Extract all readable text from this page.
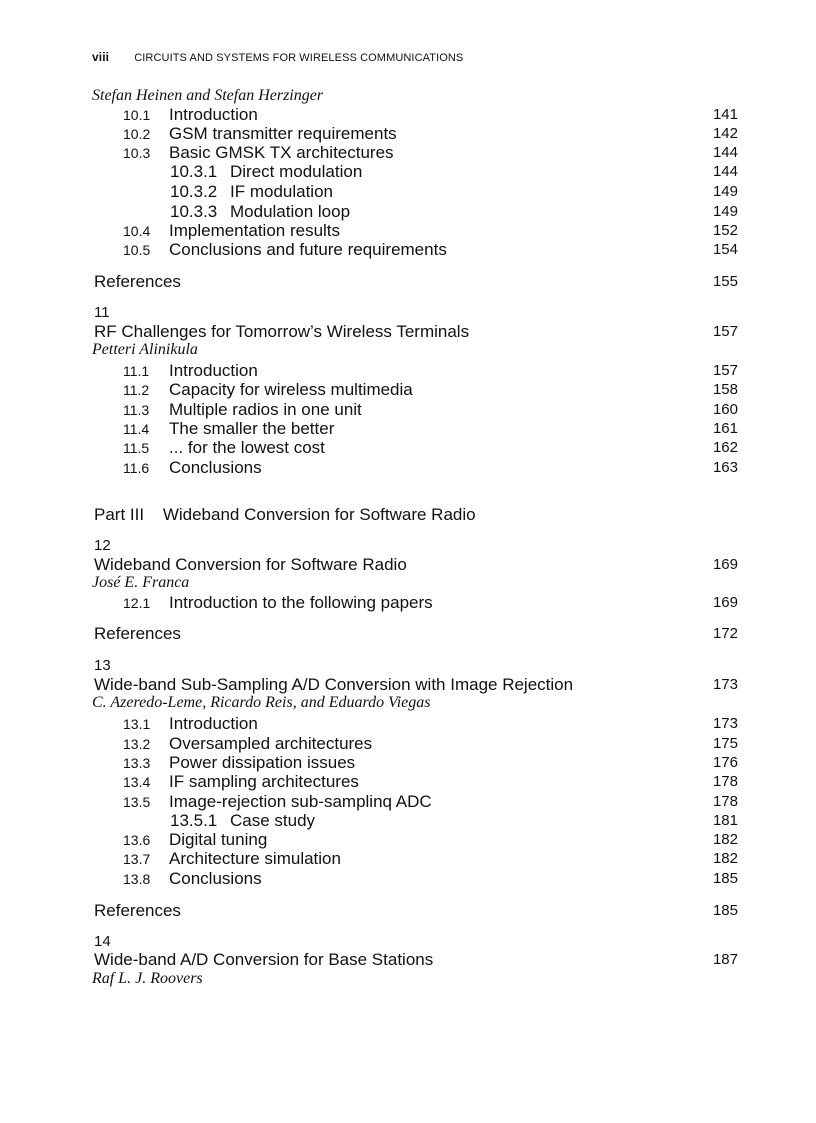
viii CIRCUITS AND SYSTEMS FOR WIRELESS COMMUNICATIONS
Stefan Heinen and Stefan Herzinger
10.1	Introduction	141
10.2	GSM transmitter requirements	142
10.3	Basic GMSK TX architectures	144
10.3.1 Direct modulation	144
10.3.2 IF modulation	149
10.3.3 Modulation loop	149
10.4	Implementation results	152
10.5	Conclusions and future requirements	154
References	155
11
RF Challenges for Tomorrow’s Wireless Terminals	157
Petteri Alinikula
11.1	Introduction	157
11.2	Capacity for wireless multimedia	158
11.3	Multiple radios in one unit	160
11.4	The smaller the better	161
11.5	... for the lowest cost	162
11.6	Conclusions	163
Part III Wideband Conversion for Software Radio
12
Wideband Conversion for Software Radio	169
José E. Franca
12.1	Introduction to the following papers	169
References	172
13
Wide-band Sub-Sampling A/D Conversion with Image Rejection	173
C. Azeredo-Leme, Ricardo Reis, and Eduardo Viegas
13.1	Introduction	173
13.2	Oversampled architectures	175
13.3	Power dissipation issues	176
13.4	IF sampling architectures	178
13.5	Image-rejection sub-samplinq ADC	178
13.5.1 Case study	181
13.6	Digital tuning	182
13.7	Architecture simulation	182
13.8	Conclusions	185
References	185
14
Wide-band A/D Conversion for Base Stations	187
Raf L. J. Roovers
